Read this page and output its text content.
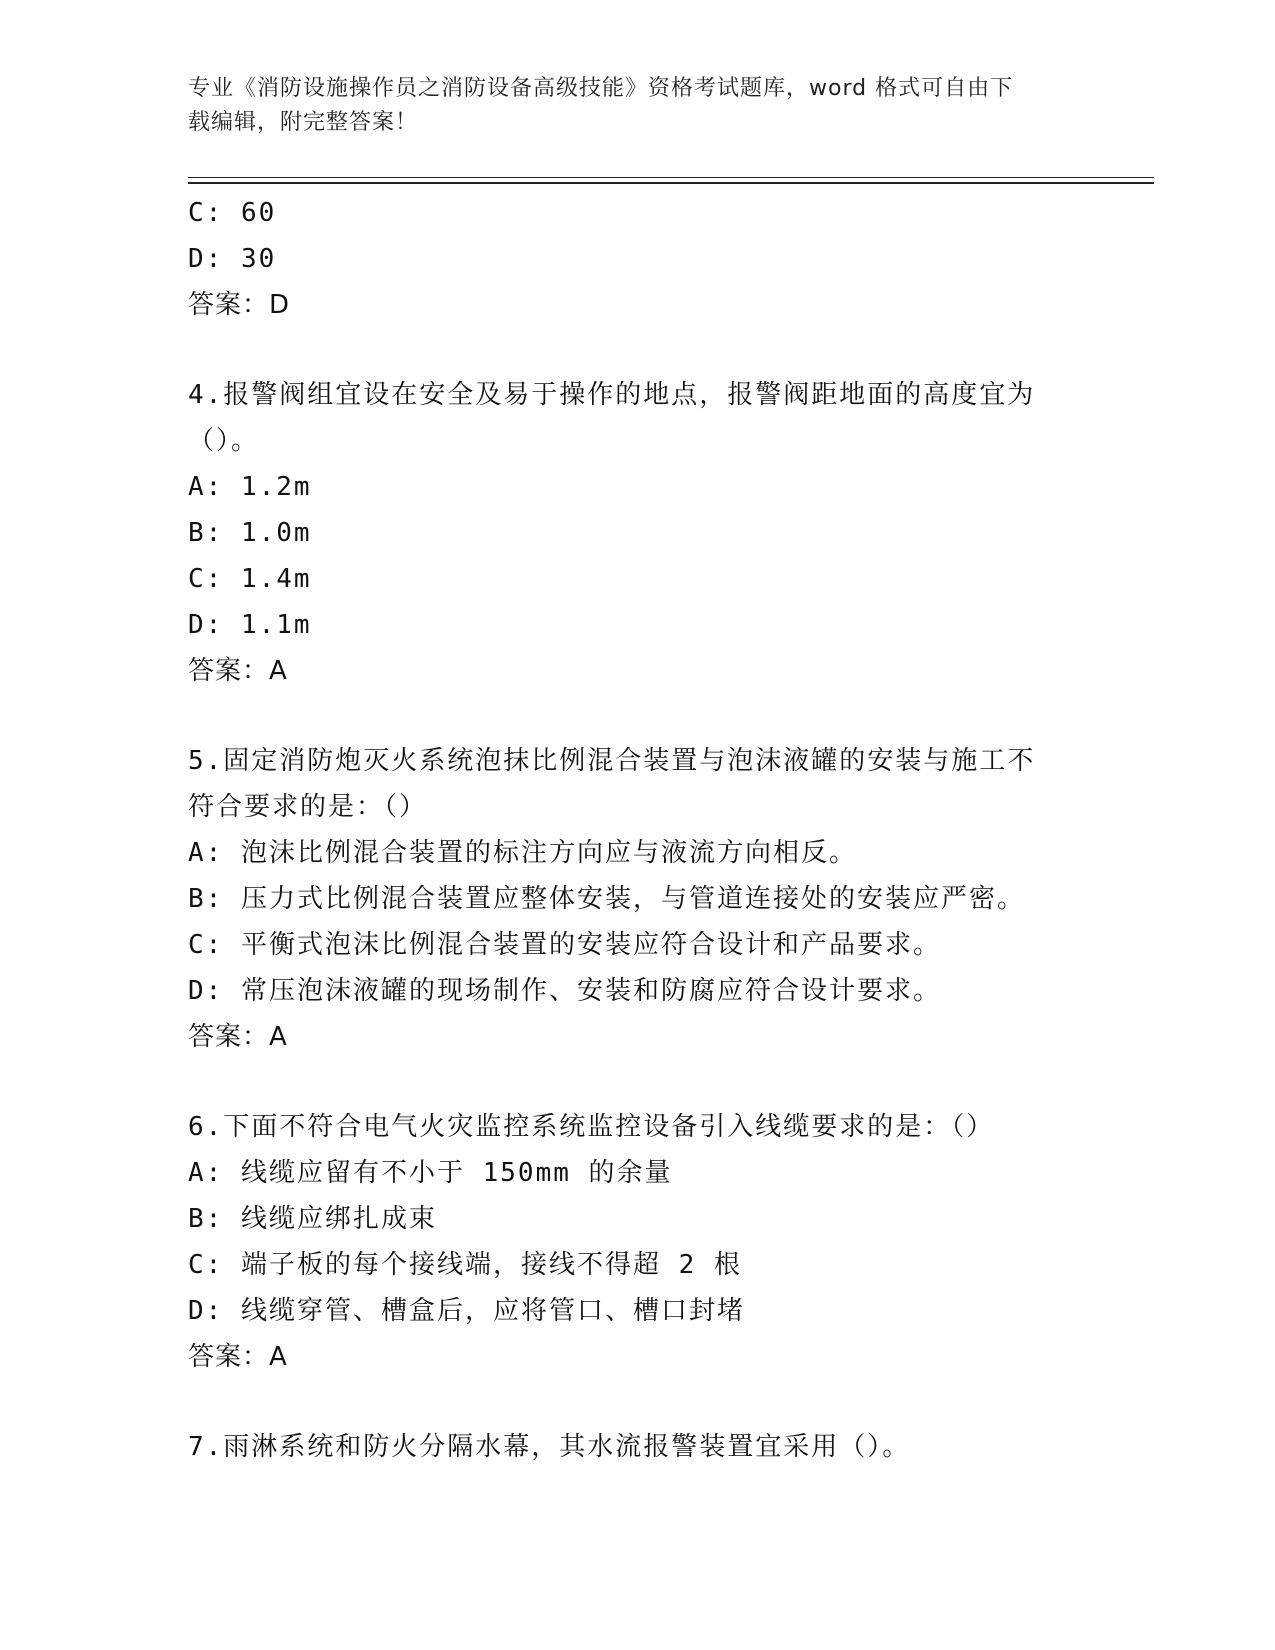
专业《消防设施操作员之消防设备高级技能》资格考试题库，word 格式可自由下
载编辑，附完整答案！
C: 60
D: 30
答案：D
4.报警阀组宜设在安全及易于操作的地点，报警阀距地面的高度宜为
（）。
A: 1.2m
B: 1.0m
C: 1.4m
D: 1.1m
答案：A
5.固定消防炮灭火系统泡抹比例混合装置与泡沫液罐的安装与施工不
符合要求的是：（）
A: 泡沫比例混合装置的标注方向应与液流方向相反。
B: 压力式比例混合装置应整体安装，与管道连接处的安装应严密。
C: 平衡式泡沫比例混合装置的安装应符合设计和产品要求。
D: 常压泡沫液罐的现场制作、安装和防腐应符合设计要求。
答案：A
6.下面不符合电气火灾监控系统监控设备引入线缆要求的是：（）
A: 线缆应留有不小于 150mm 的余量
B: 线缆应绑扎成束
C: 端子板的每个接线端，接线不得超 2 根
D: 线缆穿管、槽盒后，应将管口、槽口封堵
答案：A
7.雨淋系统和防火分隔水幕，其水流报警装置宜采用（）。
